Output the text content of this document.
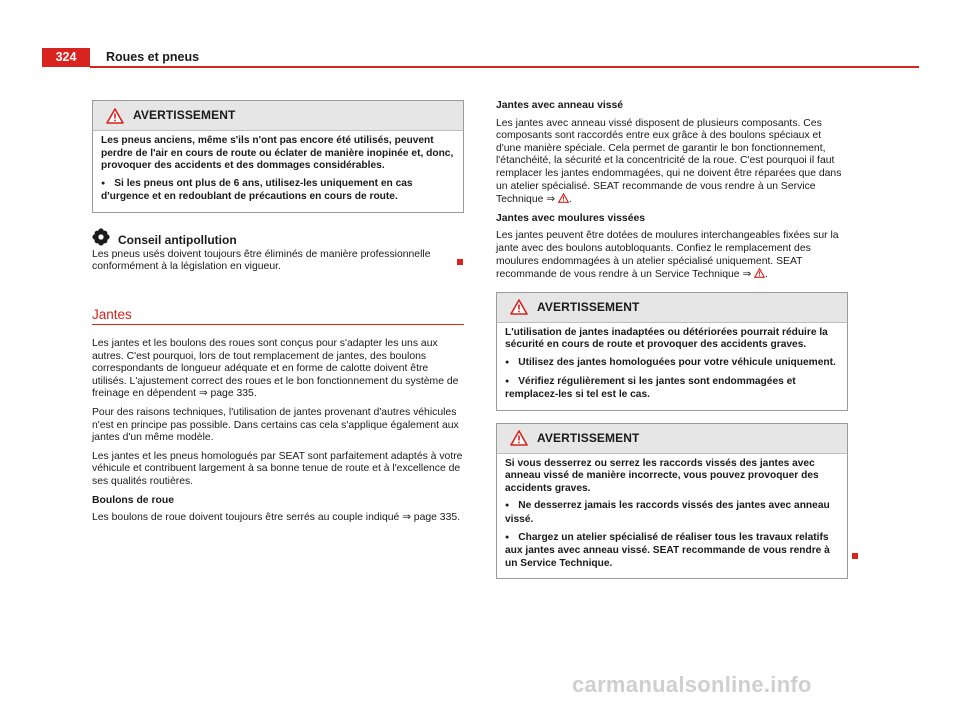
324	Roues et pneus
AVERTISSEMENT

Les pneus anciens, même s'ils n'ont pas encore été utilisés, peuvent perdre de l'air en cours de route ou éclater de manière inopinée et, donc, provoquer des accidents et des dommages considérables.

● Si les pneus ont plus de 6 ans, utilisez-les uniquement en cas d'urgence et en redoublant de précautions en cours de route.

Conseil antipollution

Les pneus usés doivent toujours être éliminés de manière professionnelle conformément à la législation en vigueur.

Jantes

Les jantes et les boulons des roues sont conçus pour s'adapter les uns aux autres. C'est pourquoi, lors de tout remplacement de jantes, des boulons correspondants de longueur adéquate et en forme de calotte doivent être utilisés. L'ajustement correct des roues et le bon fonctionnement du système de freinage en dépendent ⇒ page 335.

Pour des raisons techniques, l'utilisation de jantes provenant d'autres véhicules n'est en principe pas possible. Dans certains cas cela s'applique également aux jantes d'un même modèle.

Les jantes et les pneus homologués par SEAT sont parfaitement adaptés à votre véhicule et contribuent largement à sa bonne tenue de route et à l'excellence de ses qualités routières.

Boulons de roue

Les boulons de roue doivent toujours être serrés au couple indiqué ⇒ page 335.

Jantes avec anneau vissé

Les jantes avec anneau vissé disposent de plusieurs composants. Ces composants sont raccordés entre eux grâce à des boulons spéciaux et d'une manière spéciale. Cela permet de garantir le bon fonctionnement, l'étanchéité, la sécurité et la concentricité de la roue. C'est pourquoi il faut remplacer les jantes endommagées, qui ne doivent être réparées que dans un atelier spécialisé. SEAT recommande de vous rendre à un Service Technique ⇒ .

Jantes avec moulures vissées

Les jantes peuvent être dotées de moulures interchangeables fixées sur la jante avec des boulons autobloquants. Confiez le remplacement des moulures endommagées à un atelier spécialisé uniquement. SEAT recommande de vous rendre à un Service Technique ⇒ .

AVERTISSEMENT

L'utilisation de jantes inadaptées ou détériorées pourrait réduire la sécurité en cours de route et provoquer des accidents graves.

● Utilisez des jantes homologuées pour votre véhicule uniquement.

● Vérifiez régulièrement si les jantes sont endommagées et remplacez-les si tel est le cas.

AVERTISSEMENT

Si vous desserrez ou serrez les raccords vissés des jantes avec anneau vissé de manière incorrecte, vous pouvez provoquer des accidents graves.

● Ne desserrez jamais les raccords vissés des jantes avec anneau vissé.

● Chargez un atelier spécialisé de réaliser tous les travaux relatifs aux jantes avec anneau vissé. SEAT recommande de vous rendre à un Service Technique.

carmanualsonline.info
